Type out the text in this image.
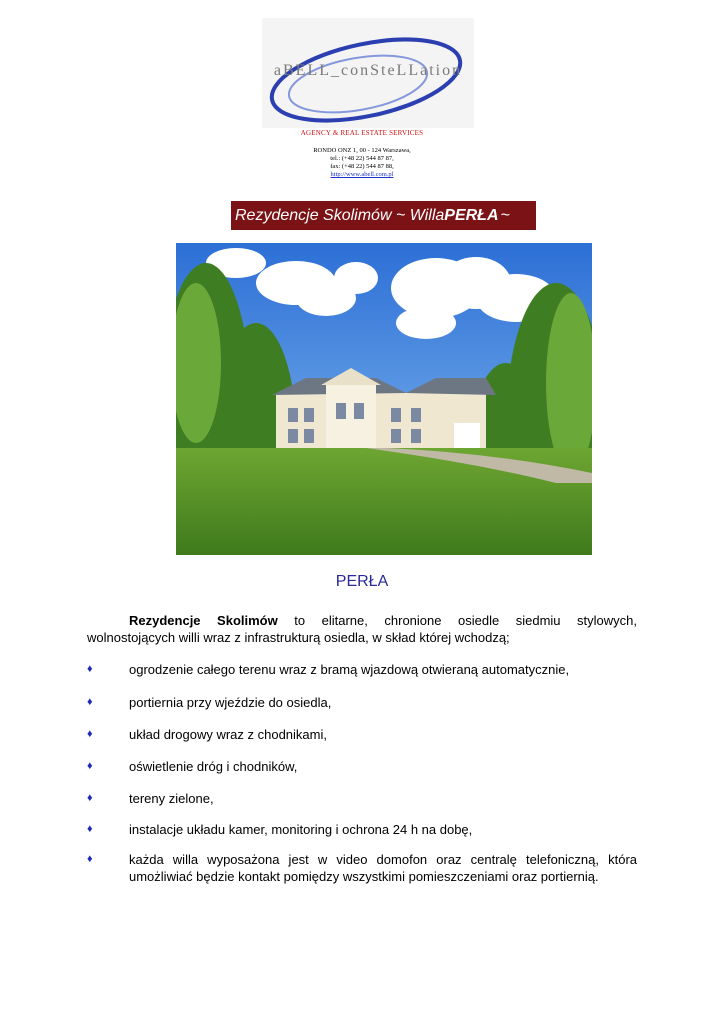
aBELL_conSteLLation
AGENCY & REAL ESTATE SERVICES
RONDO ONZ 1, 00 - 124 Warszawa,
tel.: (+48 22) 544 87 87,
fax: (+48 22) 544 87 88,
http://www.abell.com.pl
Rezydencje Skolimów ~ WillaPERŁA~
PERŁA
Rezydencje Skolimów to elitarne, chronione osiedle siedmiu stylowych, wolnostojących willi wraz z infrastrukturą osiedla, w skład której wchodzą;
♦	ogrodzenie całego terenu wraz z bramą wjazdową otwieraną automatycznie,
♦	portiernia przy wjeździe do osiedla,
♦	układ drogowy wraz z chodnikami,
♦	oświetlenie dróg i chodników,
♦	tereny zielone,
♦	instalacje układu kamer, monitoring i ochrona 24 h na dobę,
♦	każda willa wyposażona jest w video domofon oraz centralę telefoniczną, która umożliwiać będzie kontakt pomiędzy wszystkimi pomieszczeniami oraz portiernią.
